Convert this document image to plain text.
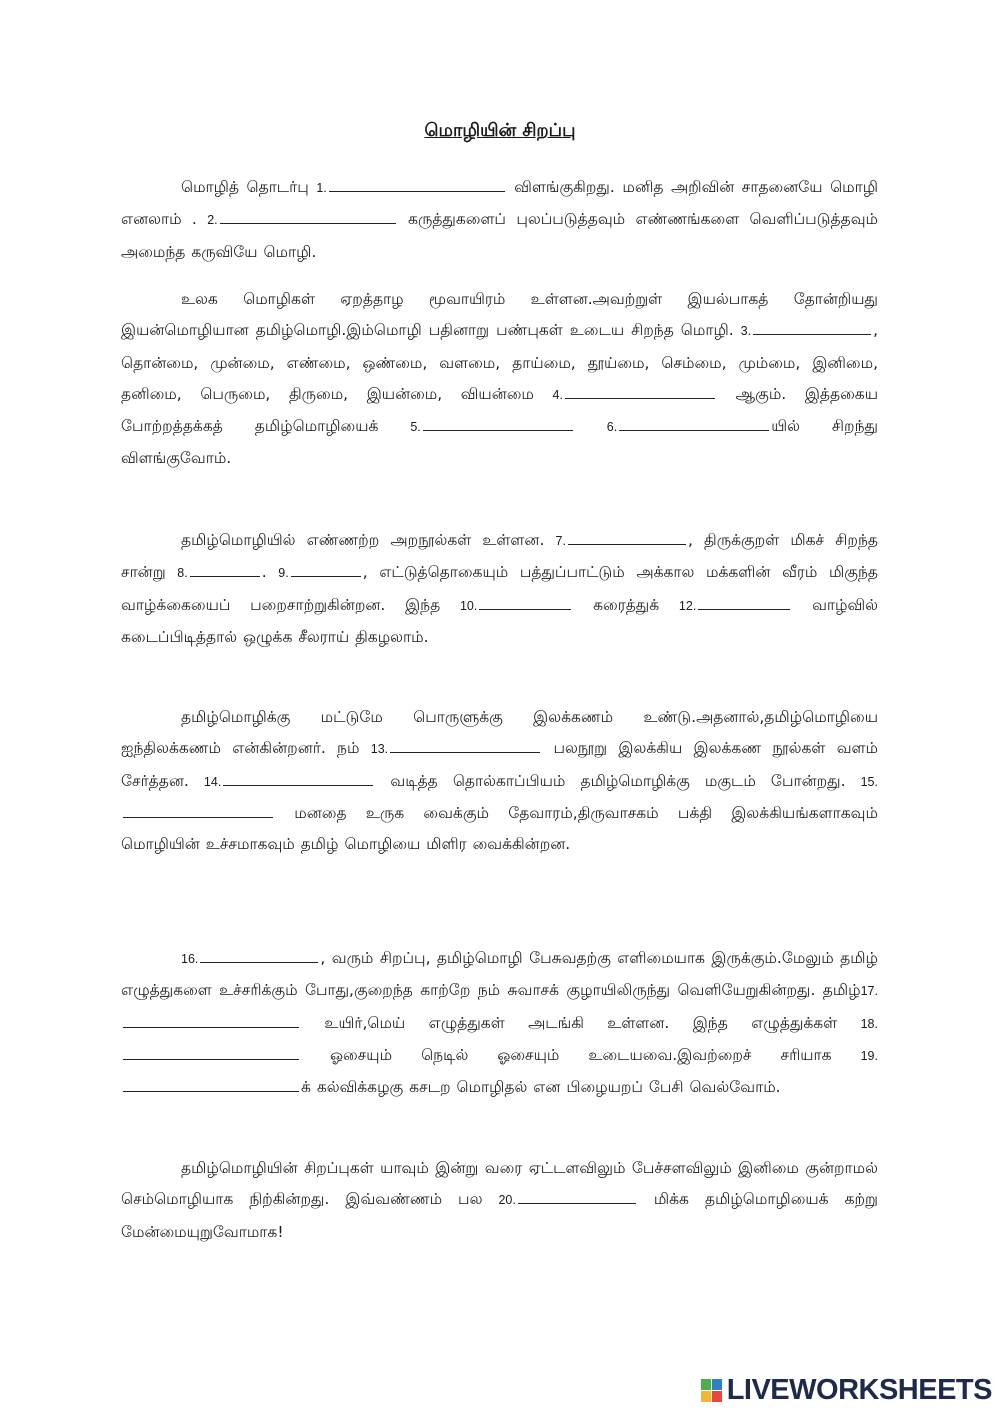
மொழியின் சிறப்பு

மொழித் தொடர்பு 1.	விளங்குகிறது. மனித அறிவின் சாதனையே மொழி எனலாம் . 2.	கருத்துகளைப் புலப்படுத்தவும் எண்ணங்களை வெளிப்படுத்தவும் அமைந்த கருவியே மொழி.

உலக மொழிகள் ஏறத்தாழ மூவாயிரம் உள்ளன.அவற்றுள் இயல்பாகத் தோன்றியது இயன்மொழியான தமிழ்மொழி.இம்மொழி பதினாறு பண்புகள் உடைய சிறந்த மொழி. 3.	, தொன்மை, முன்மை, எண்மை, ஒண்மை, வளமை, தாய்மை, தூய்மை, செம்மை, மும்மை, இனிமை, தனிமை, பெருமை, திருமை, இயன்மை, வியன்மை 4.	ஆகும். இத்தகைய போற்றத்தக்கத் தமிழ்மொழியைக் 5.	6.	யில் சிறந்து விளங்குவோம்.

தமிழ்மொழியில் எண்ணற்ற அறநூல்கள் உள்ளன. 7.	, திருக்குறள் மிகச் சிறந்த சான்று 8.	. 9.	, எட்டுத்தொகையும் பத்துப்பாட்டும் அக்கால மக்களின் வீரம் மிகுந்த வாழ்க்கையைப் பறைசாற்றுகின்றன. இந்த 10.	கரைத்துக் 12.	வாழ்வில் கடைப்பிடித்தால் ஒழுக்க சீலராய் திகழலாம்.

தமிழ்மொழிக்கு மட்டுமே பொருளுக்கு இலக்கணம் உண்டு.அதனால்,தமிழ்மொழியை ஐந்திலக்கணம் என்கின்றனர். நம் 13.	பலநூறு இலக்கிய இலக்கண நூல்கள் வளம் சேர்த்தன. 14.	வடித்த தொல்காப்பியம் தமிழ்மொழிக்கு மகுடம் போன்றது. 15. மனதை உருக வைக்கும் தேவாரம்,திருவாசகம் பக்தி இலக்கியங்களாகவும் மொழியின் உச்சமாகவும் தமிழ் மொழியை மிளிர வைக்கின்றன.

16.	, வரும் சிறப்பு, தமிழ்மொழி பேசுவதற்கு எளிமையாக இருக்கும்.மேலும் தமிழ் எழுத்துகளை உச்சரிக்கும் போது,குறைந்த காற்றே நம் சுவாசக் குழாயிலிருந்து வெளியேறுகின்றது. தமிழ்17. உயிர்,மெய் எழுத்துகள் அடங்கி உள்ளன. இந்த எழுத்துக்கள் 18. ஓசையும் நெடில் ஓசையும் உடையவை.இவற்றைச் சரியாக 19.க் கல்விக்கழகு கசடற மொழிதல் என பிழையறப் பேசி வெல்வோம்.

தமிழ்மொழியின் சிறப்புகள் யாவும் இன்று வரை ஏட்டளவிலும் பேச்சளவிலும் இனிமை குன்றாமல் செம்மொழியாக நிற்கின்றது. இவ்வண்ணம் பல 20.	மிக்க தமிழ்மொழியைக் கற்று மேன்மையுறுவோமாக!

LIVEWORKSHEETS
